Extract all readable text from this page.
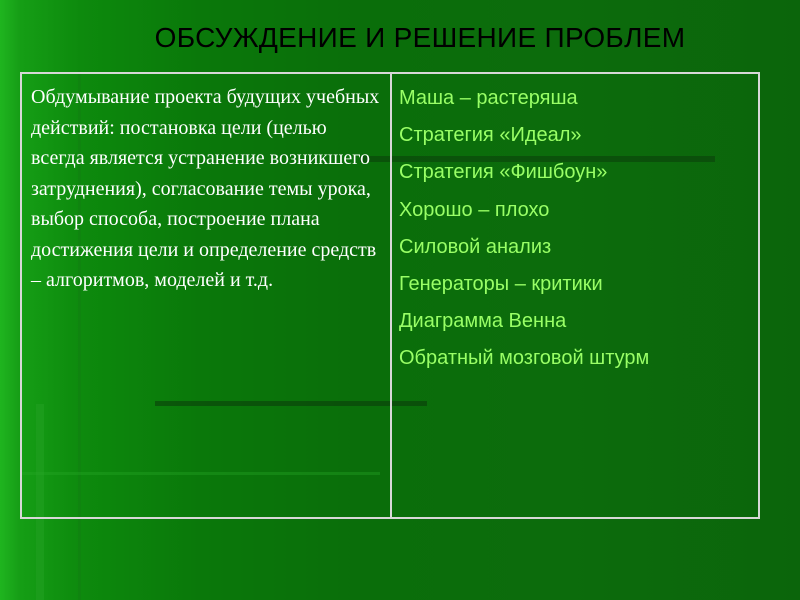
ОБСУЖДЕНИЕ И РЕШЕНИЕ ПРОБЛЕМ

Обдумывание проекта будущих учебных действий: постановка цели (целью всегда является устранение возникшего затруднения), согласование темы урока, выбор способа, построение плана достижения цели и определение средств – алгоритмов, моделей и т.д.

Маша – растеряша
Стратегия «Идеал»
Стратегия «Фишбоун»
Хорошо – плохо
Силовой анализ
Генераторы – критики
Диаграмма Венна
Обратный мозговой штурм
